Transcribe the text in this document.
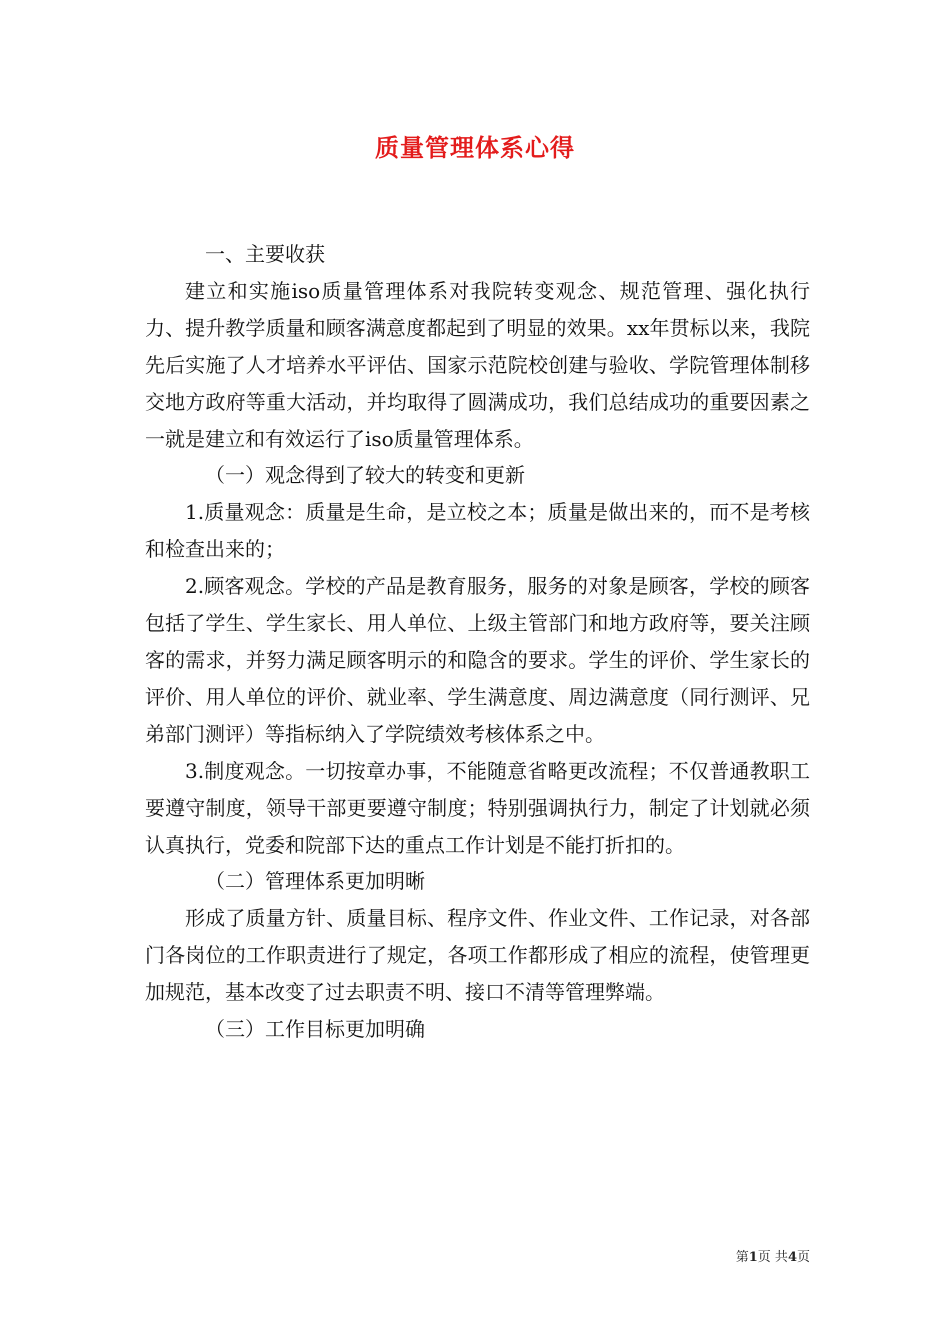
质量管理体系心得

一、主要收获

建立和实施iso质量管理体系对我院转变观念、规范管理、强化执行力、提升教学质量和顾客满意度都起到了明显的效果。xx年贯标以来，我院先后实施了人才培养水平评估、国家示范院校创建与验收、学院管理体制移交地方政府等重大活动，并均取得了圆满成功，我们总结成功的重要因素之一就是建立和有效运行了iso质量管理体系。

（一）观念得到了较大的转变和更新

1.质量观念：质量是生命，是立校之本；质量是做出来的，而不是考核和检查出来的；

2.顾客观念。学校的产品是教育服务，服务的对象是顾客，学校的顾客包括了学生、学生家长、用人单位、上级主管部门和地方政府等，要关注顾客的需求，并努力满足顾客明示的和隐含的要求。学生的评价、学生家长的评价、用人单位的评价、就业率、学生满意度、周边满意度（同行测评、兄弟部门测评）等指标纳入了学院绩效考核体系之中。

3.制度观念。一切按章办事，不能随意省略更改流程；不仅普通教职工要遵守制度，领导干部更要遵守制度；特别强调执行力，制定了计划就必须认真执行，党委和院部下达的重点工作计划是不能打折扣的。

（二）管理体系更加明晰

形成了质量方针、质量目标、程序文件、作业文件、工作记录，对各部门各岗位的工作职责进行了规定，各项工作都形成了相应的流程，使管理更加规范，基本改变了过去职责不明、接口不清等管理弊端。

（三）工作目标更加明确

第1页 共4页
